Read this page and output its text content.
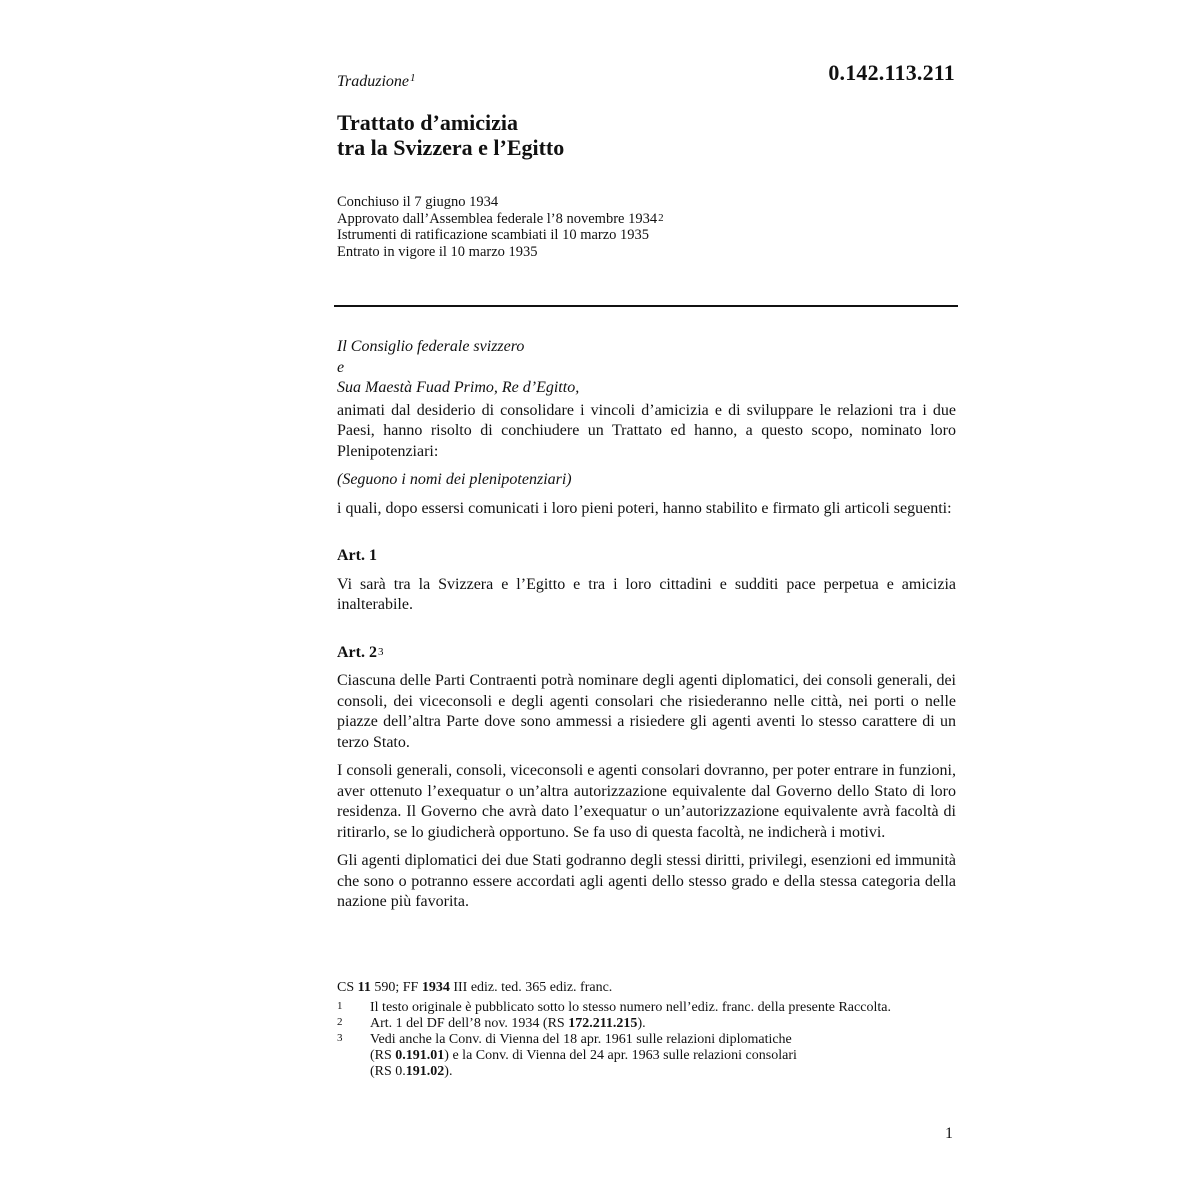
0.142.113.211
Traduzione$^1$
Trattato d’amicizia
tra la Svizzera e l’Egitto
Conchiuso il 7 giugno 1934
Approvato dall’Assemblea federale l’8 novembre 1934$^2$
Istrumenti di ratificazione scambiati il 10 marzo 1935
Entrato in vigore il 10 marzo 1935
Il Consiglio federale svizzero
e
Sua Maestà Fuad Primo, Re d’Egitto,
animati dal desiderio di consolidare i vincoli d’amicizia e di sviluppare le relazioni tra i due Paesi, hanno risolto di conchiudere un Trattato ed hanno, a questo scopo, nominato loro Plenipotenziari:
(Seguono i nomi dei plenipotenziari)
i quali, dopo essersi comunicati i loro pieni poteri, hanno stabilito e firmato gli articoli seguenti:
Art. 1
Vi sarà tra la Svizzera e l’Egitto e tra i loro cittadini e sudditi pace perpetua e amicizia inalterabile.
Art. $2^3$
Ciascuna delle Parti Contraenti potrà nominare degli agenti diplomatici, dei consoli generali, dei consoli, dei viceconsoli e degli agenti consolari che risiederanno nelle città, nei porti o nelle piazze dell’altra Parte dove sono ammessi a risiedere gli agenti aventi lo stesso carattere di un terzo Stato.
I consoli generali, consoli, viceconsoli e agenti consolari dovranno, per poter entrare in funzioni, aver ottenuto l’exequatur o un’altra autorizzazione equivalente dal Governo dello Stato di loro residenza. Il Governo che avrà dato l’exequatur o un’autorizzazione equivalente avrà facoltà di ritirarlo, se lo giudicherà opportuno. Se fa uso di questa facoltà, ne indicherà i motivi.
Gli agenti diplomatici dei due Stati godranno degli stessi diritti, privilegi, esenzioni ed immunità che sono o potranno essere accordati agli agenti dello stesso grado e della stessa categoria della nazione più favorita.
CS 11 590; FF 1934 III ediz. ted. 365 ediz. franc.
1 Il testo originale è pubblicato sotto lo stesso numero nell’ediz. franc. della presente Raccolta.
2 Art. 1 del DF dell’8 nov. 1934 (RS 172.211.215).
3 Vedi anche la Conv. di Vienna del 18 apr. 1961 sulle relazioni diplomatiche
(RS 0.191.01) e la Conv. di Vienna del 24 apr. 1963 sulle relazioni consolari
(RS 0.191.02).
1
